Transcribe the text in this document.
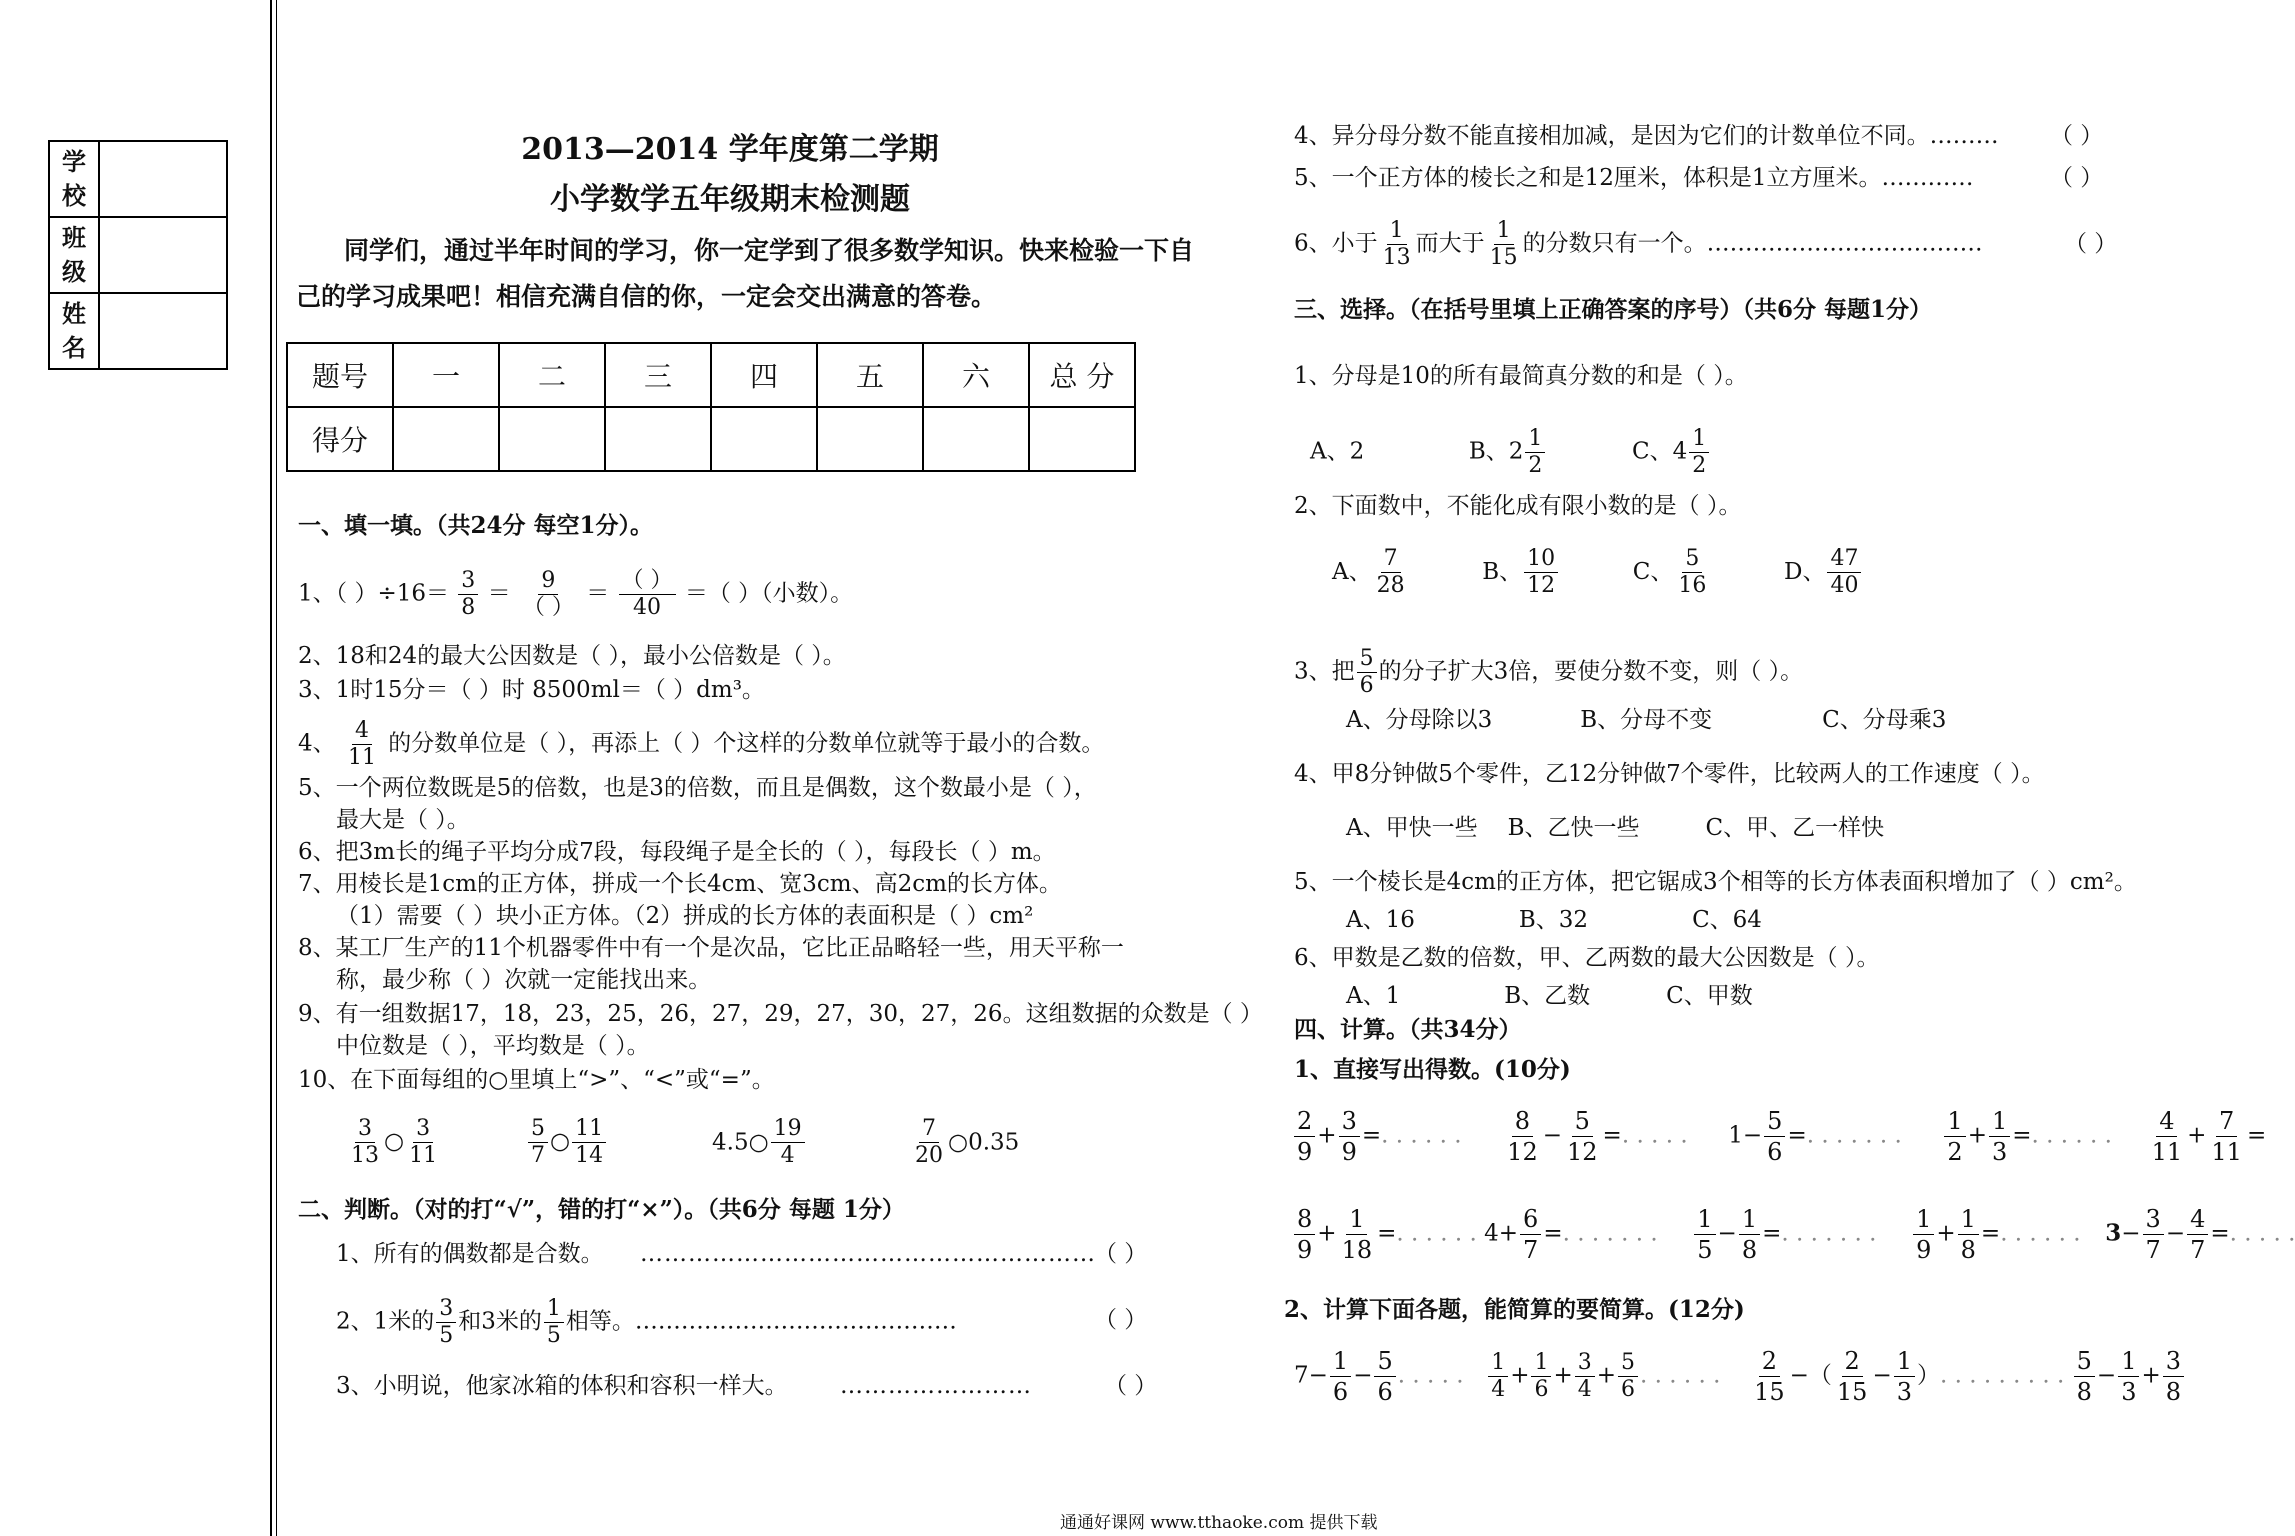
学
校
班
级
姓
名
2013—2014 学年度第二学期
小学数学五年级期末检测题
同学们，通过半年时间的学习，你一定学到了很多数学知识。快来检验一下自
己的学习成果吧！相信充满自信的你，一定会交出满意的答卷。
题号	一	二	三	四	五	六	总 分
得分							
一、填一填。（共24分 每空1分）。
1、（ ）$\div 16= \frac{3}{8} = \frac{9}{( )} = \frac{( )}{40}$ ＝（ ）（小数）。
2、18和24的最大公因数是（ ），最小公倍数是（ ）。
3、1时15分＝（ ）时 8500ml＝（ ）dm³。
4、 $\frac{4}{11}$ 的分数单位是（ ），再添上（ ）个这样的分数单位就等于最小的合数。
5、一个两位数既是5的倍数，也是3的倍数，而且是偶数，这个数最小是（ ），
最大是（ ）。
6、把3m长的绳子平均分成7段，每段绳子是全长的（ ），每段长（ ）m。
7、用棱长是1cm的正方体，拼成一个长4cm、宽3cm、高2cm的长方体。
（1）需要（ ）块小正方体。（2）拼成的长方体的表面积是（ ）cm²
8、某工厂生产的11个机器零件中有一个是次品，它比正品略轻一些，用天平称一
称，最少称（ ）次就一定能找出来。
9、有一组数据17，18，23，25，26，27，29，27，30，27，26。这组数据的众数是（ ）
中位数是（ ），平均数是（ ）。
10、在下面每组的○里填上“>”、“<”或“=”。
$\frac{3}{13}$ ○ $\frac{3}{11}$	$\frac{5}{7}$ ○ $\frac{11}{14}$	4.5○ $\frac{19}{4}$	$\frac{7}{20}$ ○0.35
二、判断。（对的打“√”，错的打“×”）。（共6分 每题 1分）
1、所有的偶数都是合数。 …………………………………………………
（ ）
2、1米的 $\frac{3}{5}$ 和3米的 $\frac{1}{5}$ 相等。……………………………………	（ ）
3、小明说，他家冰箱的体积和容积一样大。 ……………………	（ ）
4、异分母分数不能直接相加减，是因为它们的计数单位不同。……… （ ）
5、一个正方体的棱长之和是12厘米，体积是1立方厘米。…………	（ ）
6、小于 $\frac{1}{13}$ 而大于 $\frac{1}{15}$ 的分数只有一个。………………………………	（ ）
三、选择。（在括号里填上正确答案的序号）（共6分 每题1分）
1、分母是10的所有最简真分数的和是（ ）。
A、2	B、$2 \frac{1}{2}$	C、$4 \frac{1}{2}$
2、下面数中，不能化成有限小数的是（ ）。
A、 $\frac{7}{28}$	B、 $\frac{10}{12}$	C、 $\frac{5}{16}$	D、 $\frac{47}{40}$
3、把 $\frac{5}{6}$ 的分子扩大3倍，要使分数不变，则（ ）。
A、分母除以3	B、分母不变	C、分母乘3
4、甲8分钟做5个零件，乙12分钟做7个零件，比较两人的工作速度（ ）。
A、甲快一些 B、乙快一些	C、甲、乙一样快
5、一个棱长是4cm的正方体，把它锯成3个相等的长方体表面积增加了（ ）cm²。
A、16	B、32	C、64
6、甲数是乙数的倍数，甲、乙两数的最大公因数是（ ）。
A、1	B、乙数	C、甲数
四、计算。（共34分）
1、直接写出得数。(10分)
$\frac{2}{9} + \frac{3}{9}$ =. . . . . . $\frac{8}{12} - \frac{5}{12}$ =. . . . .  $1- \frac{5}{6}$ =. . . . . . . $\frac{1}{2} + \frac{1}{3}$ =. . . . . . $\frac{4}{11} + \frac{7}{11}$ =
$\frac{8}{9} + \frac{1}{18}$ =. . . . . . $4+ \frac{6}{7}$ =. . . . . . . $\frac{1}{5} - \frac{1}{8}$ =. . . . . . . $\frac{1}{9} + \frac{1}{8}$ =. . . . . . $3- \frac{3}{7} - \frac{4}{7}$ =. . . . .
2、计算下面各题，能简算的要简算。(12分)
$7- \frac{1}{6} - \frac{5}{6}$ . . . . . $\frac{1}{4} + \frac{1}{6} + \frac{3}{4} + \frac{5}{6}$ . . . . . . $\frac{2}{15}$ −（ $\frac{2}{15} - \frac{1}{3}$ ）. . . . . . . . . $\frac{5}{8} - \frac{1}{3} + \frac{3}{8}$
通通好课网 www.tthaoke.com 提供下载
